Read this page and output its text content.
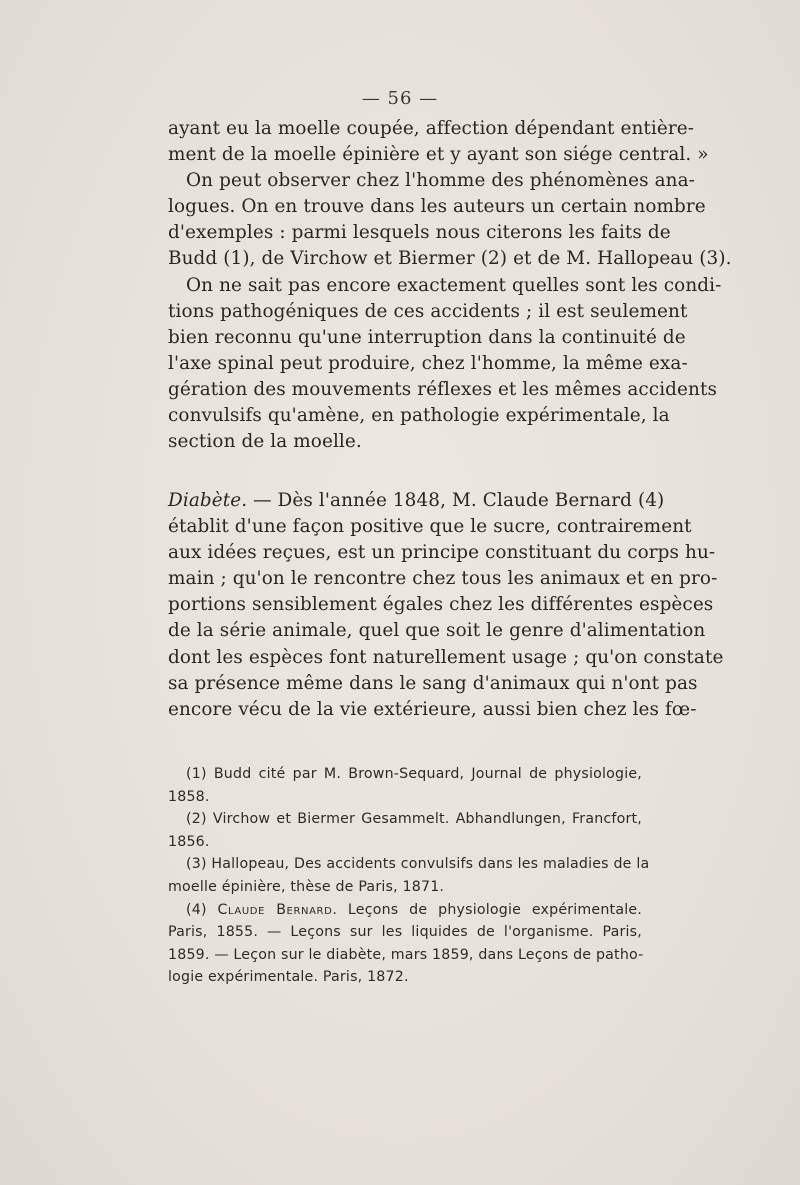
— 56 —
ayant eu la moelle coupée, affection dépendant entière-
ment de la moelle épinière et y ayant son siége central. »
On peut observer chez l'homme des phénomènes ana-
logues. On en trouve dans les auteurs un certain nombre
d'exemples : parmi lesquels nous citerons les faits de
Budd (1), de Virchow et Biermer (2) et de M. Hallopeau (3).
On ne sait pas encore exactement quelles sont les condi-
tions pathogéniques de ces accidents ; il est seulement
bien reconnu qu'une interruption dans la continuité de
l'axe spinal peut produire, chez l'homme, la même exa-
gération des mouvements réflexes et les mêmes accidents
convulsifs qu'amène, en pathologie expérimentale, la
section de la moelle.
Diabète. — Dès l'année 1848, M. Claude Bernard (4)
établit d'une façon positive que le sucre, contrairement
aux idées reçues, est un principe constituant du corps hu-
main ; qu'on le rencontre chez tous les animaux et en pro-
portions sensiblement égales chez les différentes espèces
de la série animale, quel que soit le genre d'alimentation
dont les espèces font naturellement usage ; qu'on constate
sa présence même dans le sang d'animaux qui n'ont pas
encore vécu de la vie extérieure, aussi bien chez les fœ-
(1) Budd cité par M. Brown-Sequard, Journal de physiologie,
1858.
(2) Virchow et Biermer Gesammelt. Abhandlungen, Francfort,
1856.
(3) Hallopeau, Des accidents convulsifs dans les maladies de la
moelle épinière, thèse de Paris, 1871.
(4) Claude Bernard. Leçons de physiologie expérimentale.
Paris, 1855. — Leçons sur les liquides de l'organisme. Paris,
1859. — Leçon sur le diabète, mars 1859, dans Leçons de patho-
logie expérimentale. Paris, 1872.
